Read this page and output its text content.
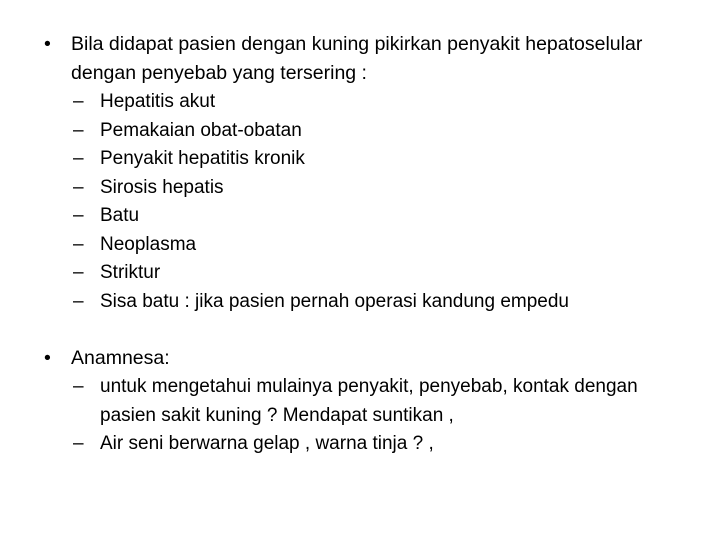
• Bila didapat pasien dengan kuning pikirkan penyakit hepatoselular dengan penyebab yang tersering :
– Hepatitis akut
– Pemakaian obat-obatan
– Penyakit hepatitis kronik
– Sirosis hepatis
– Batu
– Neoplasma
– Striktur
– Sisa batu : jika pasien pernah operasi kandung empedu
• Anamnesa:
– untuk mengetahui mulainya penyakit, penyebab, kontak dengan pasien sakit kuning ? Mendapat suntikan ,
– Air seni berwarna gelap , warna tinja ? ,
